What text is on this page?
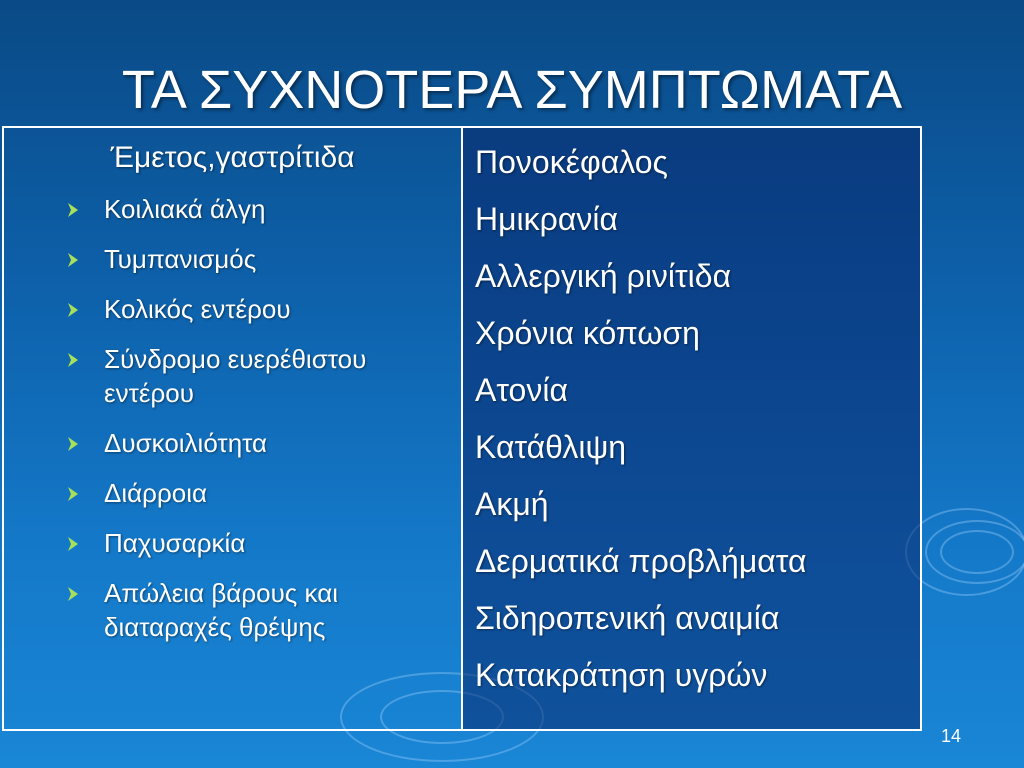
ΤΑ ΣΥΧΝΟΤΕΡΑ ΣΥΜΠΤΩΜΑΤΑ
Έμετος,γαστρίτιδα
Κοιλιακά άλγη
Τυμπανισμός
Κολικός εντέρου
Σύνδρομο ευερέθιστου εντέρου
Δυσκοιλιότητα
Διάρροια
Παχυσαρκία
Απώλεια βάρους και διαταραχές θρέψης
Πονοκέφαλος
Ημικρανία
Αλλεργική ρινίτιδα
Χρόνια κόπωση
Ατονία
Κατάθλιψη
Ακμή
Δερματικά προβλήματα
Σιδηροπενική αναιμία
Κατακράτηση υγρών
14
